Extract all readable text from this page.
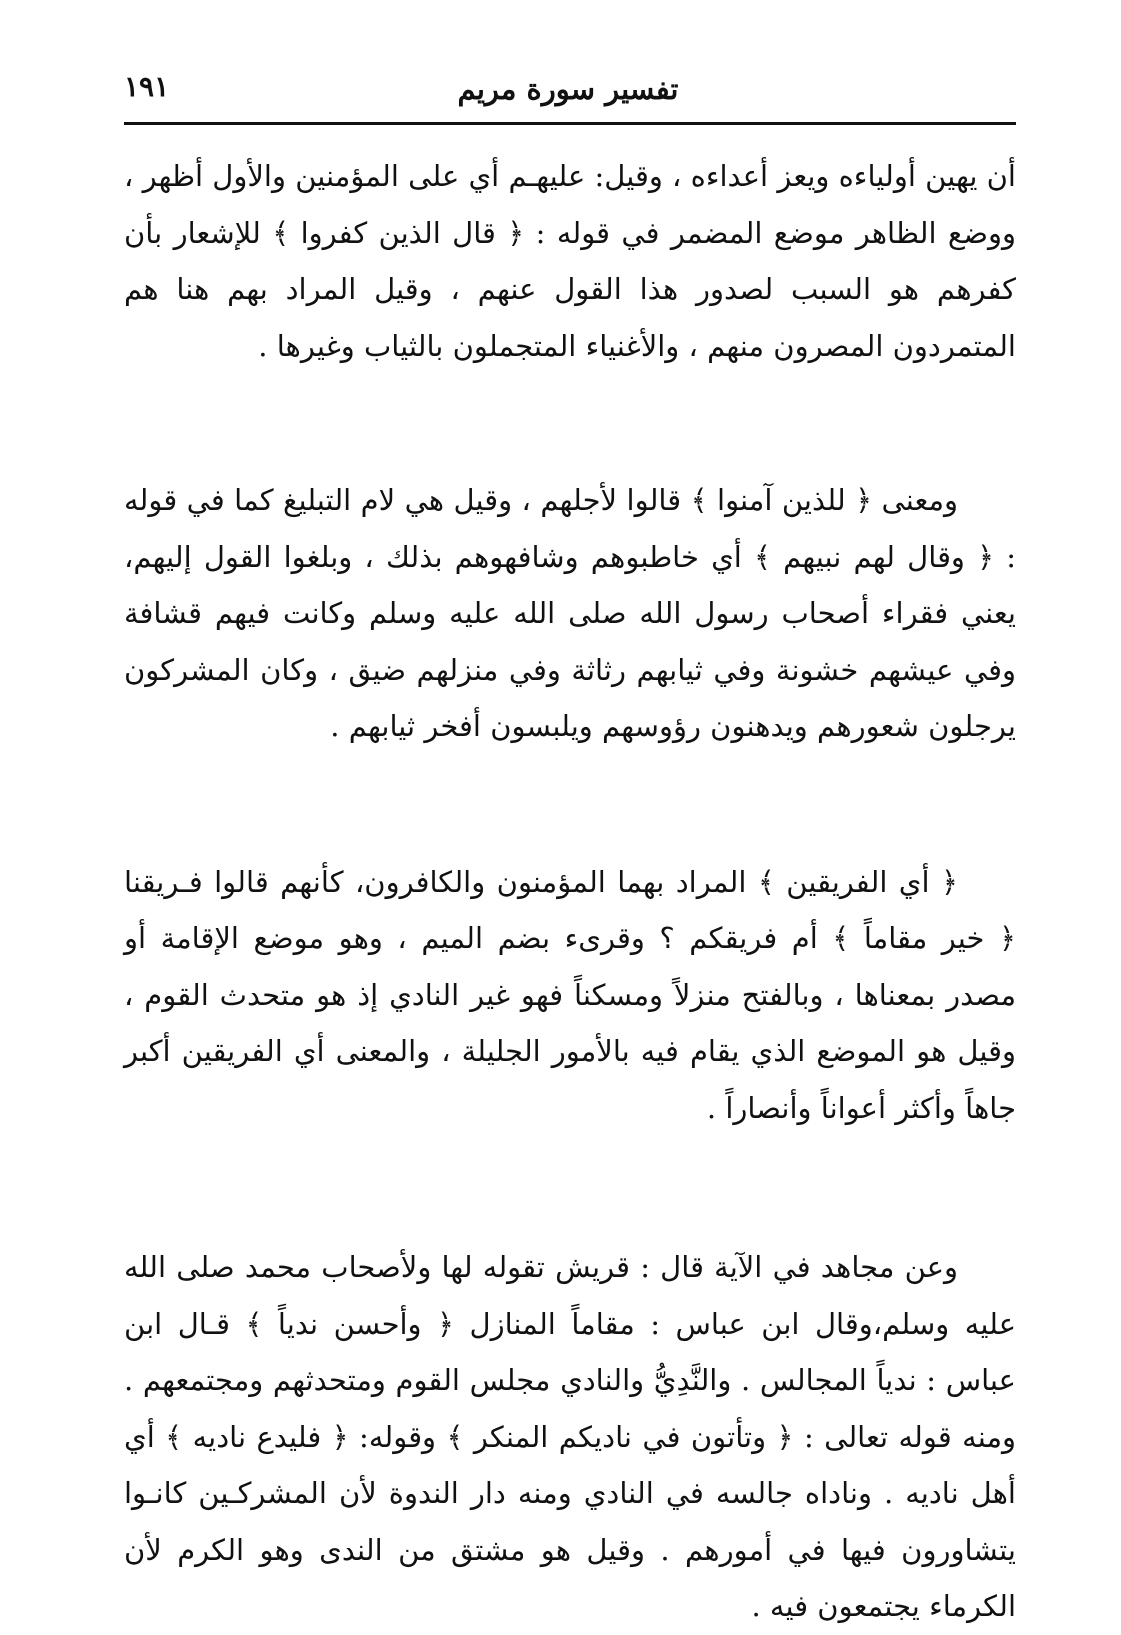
١٩١	تفسير سورة مريم

أن يهين أولياءه ويعز أعداءه ، وقيل: عليهـم أي على المؤمنين والأول أظهر ، ووضع الظاهر موضع المضمر في قوله : ﴿ قال الذين كفروا ﴾ للإشعار بأن كفرهم هو السبب لصدور هذا القول عنهم ، وقيل المراد بهم هنا هم المتمردون المصرون منهم ، والأغنياء المتجملون بالثياب وغيرها .

ومعنى ﴿ للذين آمنوا ﴾ قالوا لأجلهم ، وقيل هي لام التبليغ كما في قوله : ﴿ وقال لهم نبيهم ﴾ أي خاطبوهم وشافهوهم بذلك ، وبلغوا القول إليهم، يعني فقراء أصحاب رسول الله صلى الله عليه وسلم وكانت فيهم قشافة وفي عيشهم خشونة وفي ثيابهم رثاثة وفي منزلهم ضيق ، وكان المشركون يرجلون شعورهم ويدهنون رؤوسهم ويلبسون أفخر ثيابهم .

﴿ أي الفريقين ﴾ المراد بهما المؤمنون والكافرون، كأنهم قالوا فـريقنا ﴿ خير مقاماً ﴾ أم فريقكم ؟ وقرىء بضم الميم ، وهو موضع الإقامة أو مصدر بمعناها ، وبالفتح منزلاً ومسكناً فهو غير النادي إذ هو متحدث القوم ، وقيل هو الموضع الذي يقام فيه بالأمور الجليلة ، والمعنى أي الفريقين أكبر جاهاً وأكثر أعواناً وأنصاراً .

وعن مجاهد في الآية قال : قريش تقوله لها ولأصحاب محمد صلى الله عليه وسلم،وقال ابن عباس : مقاماً المنازل ﴿ وأحسن ندياً ﴾ قـال ابن عباس : ندياً المجالس . والنَّدِيُّ والنادي مجلس القوم ومتحدثهم ومجتمعهم . ومنه قوله تعالى : ﴿ وتأتون في ناديكم المنكر ﴾ وقوله: ﴿ فليدع ناديه ﴾ أي أهل ناديه . وناداه جالسه في النادي ومنه دار الندوة لأن المشركـين كانـوا يتشاورون فيها في أمورهم . وقيل هو مشتق من الندى وهو الكرم لأن الكرماء يجتمعون فيه .
